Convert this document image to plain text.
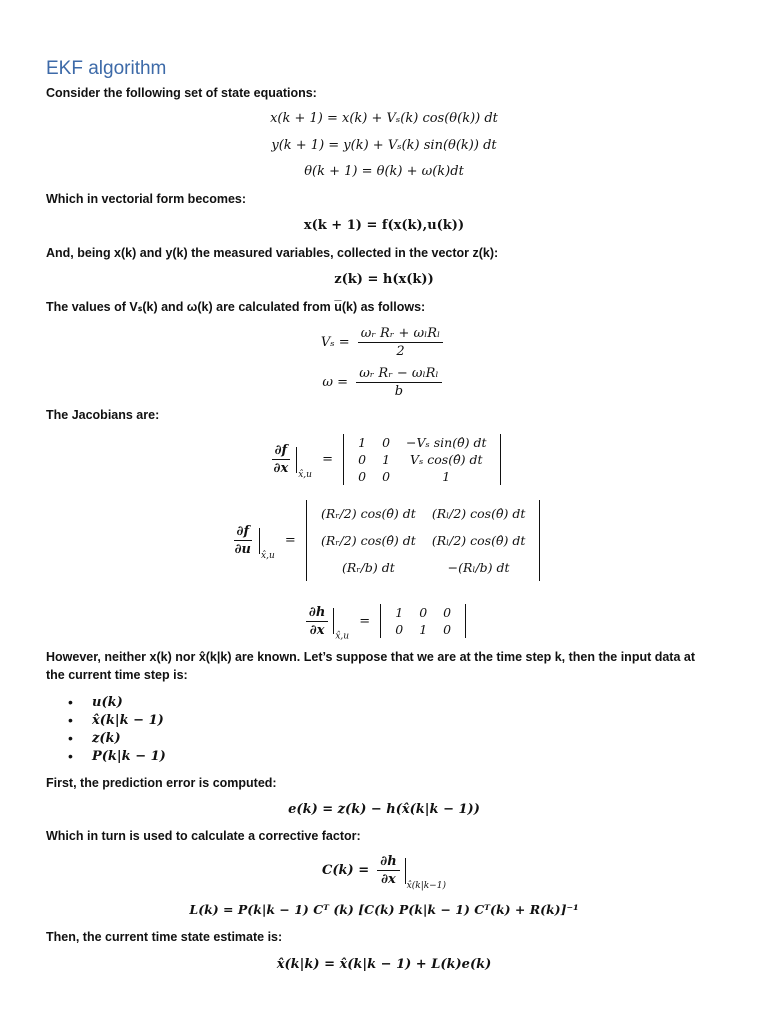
EKF algorithm
Consider the following set of state equations:
x(k + 1) = x(k) + Vₛ(k) cos(θ(k)) dt
y(k + 1) = y(k) + Vₛ(k) sin(θ(k)) dt
θ(k + 1) = θ(k) + ω(k)dt
Which in vectorial form becomes:
x(k + 1) = f(x(k),u(k))
And, being x(k) and y(k) the measured variables, collected in the vector z(k):
z(k) = h(x(k))
The values of Vₛ(k) and ω(k) are calculated from u̅(k) as follows:
$V_s = \frac{\text{ωᵣ Rᵣ + ωₗRₗ}}{2}$
$\omega = \frac{\text{ωᵣ Rᵣ − ωₗRₗ}}{b}$
The Jacobians are:
$\frac{\partial f}{\partial x} _{x̂,u}$ =
1	0	−Vₛ sin(θ̂) dt
0	1	Vₛ cos(θ̂) dt
0	0	1
$\frac{\partial f}{\partial u} _{x̂,u}$ =
(Rᵣ/2) cos(θ̂) dt	(Rₗ/2) cos(θ̂) dt
(Rᵣ/2) cos(θ̂) dt	(Rₗ/2) cos(θ̂) dt
(Rᵣ/b) dt	−(Rₗ/b) dt
$\frac{\partial h}{\partial x} _{x̂,u}$ =
1	0	0
0	1	0
However, neither x(k) nor x̂(k|k) are known. Let’s suppose that we are at the time step k, then the input data at
the current time step is:
• u(k)
• x̂(k|k − 1)
• z(k)
• P(k|k − 1)
First, the prediction error is computed:
e(k) = z(k) − h(x̂(k|k − 1))
Which in turn is used to calculate a corrective factor:
$C(k) = \frac{\partial h}{\partial x} _{x̂(k|k-1)}$
L(k) = P(k|k − 1) Cᵀ (k) [C(k) P(k|k − 1) Cᵀ(k) + R(k)]⁻¹
Then, the current time state estimate is:
x̂(k|k) = x̂(k|k − 1) + L(k)e(k)
